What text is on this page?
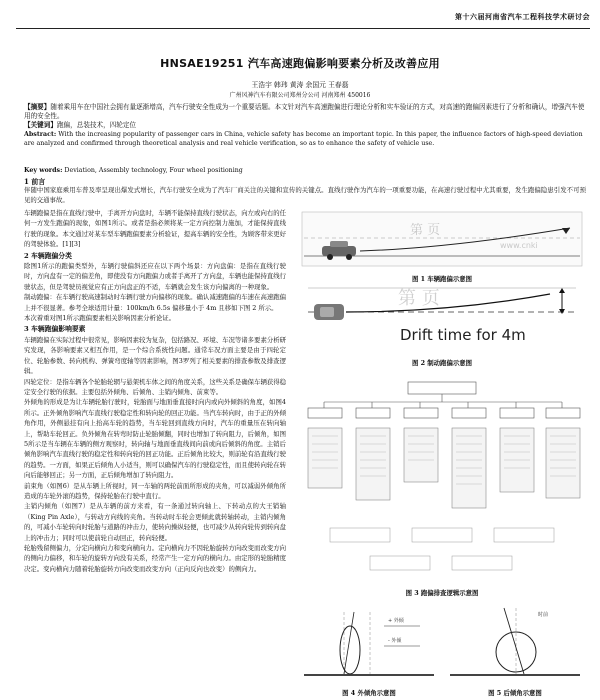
第十六届河南省汽车工程科技学术研讨会
HNSAE19251 汽车高速跑偏影响要素分析及改善应用
王浩宇 韩玮 黄涛 余国元 王春磊
广州风神汽车有限公司郑州分公司 河南郑州 450016
【摘要】随着乘用车在中国社会拥有量逐渐增高，汽车行驶安全性成为一个重要话题。本文针对汽车高速跑偏进行理论分析和实车验证的方式，对高速的跑偏因素进行了分析和确认，增强汽车使用的安全性。
【关键词】跑偏，总装技术，四轮定位
Abstract: With the increasing popularity of passenger cars in China, vehicle safety has become an important topic. In this paper, the influence factors of high-speed deviation are analyzed and confirmed through theoretical analysis and real vehicle verification, so as to enhance the safety of vehicle use.
Key words: Deviation, Assembly technology, Four wheel positioning
1 前言
伴随中国家庭乘用车普及率呈现出爆发式增长，汽车行驶安全成为了汽车厂商关注的关键和宣传的关键点。直线行驶作为汽车的一项重要功能，在高速行驶过程中尤其重要，发生跑偏隐患引发不可预见的交通事故。
车辆跑偏是指在直线行驶中，手离开方向盘时，车辆不能保持直线行驶状态，向左或向右的任何一方发生跑偏的现象，如图1所示。或者是指必须将某一定方向控制力施加，才能保持直线行驶的现象。本文通过对某车型车辆跑偏要素分析验证，提高车辆的安全性，为顾客带来更好的驾驶体验。[1][3]
2 车辆跑偏分类
除图1所示的跑偏类型外，车辆行驶偏斜还应在以下两个场景：方向盘偏：是指在直线行驶时，方向盘有一定的偏差角，即使没有方向跑偏力或者手离开了方向盘，车辆也能保持直线行驶状态，但是驾驶员视觉应有正方向盘正的不适，车辆就会发生该方向偏离的一种现象。
制动跑偏：在车辆行驶高速制动时车辆行驶方向偏移的现象。确认减速跑偏的车速在高速跑偏上并不很显著。参考全球适用计量：100km/h 6.5s 偏移量小于 4m 且移如下图 2 所示。
本次着重对图1所示跑偏要素相关影响因素分析论证。
3 车辆跑偏影响要素
车辆跑偏在实际过程中很常见，影响因素较为复杂，包括路况、环境、车况等诸多要素分析研究发现，各影响要素又相互作用，是一个综合系统性问题。通常车况方面主要是由于四轮定位、轮胎参数、转向机构、弹簧弯度轴等因素影响，图3罗列了相关要素的排查参数及排查逻辑。
四轮定位：是指车辆各个轮胎轮辋与悬架机车体之间的角度关系，这些关系是确保车辆获得稳定安全行驶的依据。主要包括外倾角、后倾角、主销内倾角、前束等。
外倾角的形成是为让车辆轮胎行驶时，轮胎面与地面垂直接时向内或向外倾斜的角度，如图4所示。正外倾角影响汽车直线行驶稳定性和转向轮的回正功能。当汽车转向时，由于正的外倾角作用，外侧悬挂有向上抬高车轮的趋势，当车轮回到直线方向时，汽车的重量压在转向轴上，帮助车轮回正。负外倾角在转弯时防止轮胎倾翻，同时也增加了转向阻力，后倾角，如图5所示是当车辆在车辆的侧方观察时，转向轴与地面垂直线间向前或向后倾斜的角度。主销后倾角影响汽车直线行驶的稳定性和转向轮的回正功能。正后倾角比较大，则前轮有沿直线行驶的趋势。一方面，如果正后倾角人小适当，则可以确保汽车的行驶稳定性，而且使转向轮在转向后能够回正；另一方面，正后倾角增加了转向阻力。
前束角（如图6）是从车辆上所视时，同一车轴的两轮前面所形成的夹角，可以减弱外倾角所造成的车轮外滚的趋势，保持轮胎在行驶中直行。
主销内倾角（如图7）是从车辆的前方来看，有一条通过转向轴上、下转动点的大王销轴（King Pin Axle），与转动方向线的夹角。当转动时车轮会更倾此就转轴转动，主销内倾角的，可减小车轮转向时轮胎与道路的冲击力，使转向操纵轻便，也可减少从转向轮传到转向盘上的冲击力；同时可以使前轮自动回正，转向轻便。
轮胎残留侧偏力，分定向横向力和变向横向力。定向横向力不因轮胎旋转方向改变而改变方向的侧向力偏移，和车轮的旋转方向没有关系，经常产生一定方向的横向力。由定形的轮胎精度决定。变向横向力随着轮胎旋转方向改变而改变方向（正向反向也改变）的侧向力。
第 页
www.cnki
图 1 车辆跑偏示意图
第 页
Drift time for 4m
图 2 制动跑偏示意图
图 3 跑偏排查逻辑示意图
+ 外倾
- 外倾
时前
图 4 外倾角示意图	图 5 后倾角示意图
